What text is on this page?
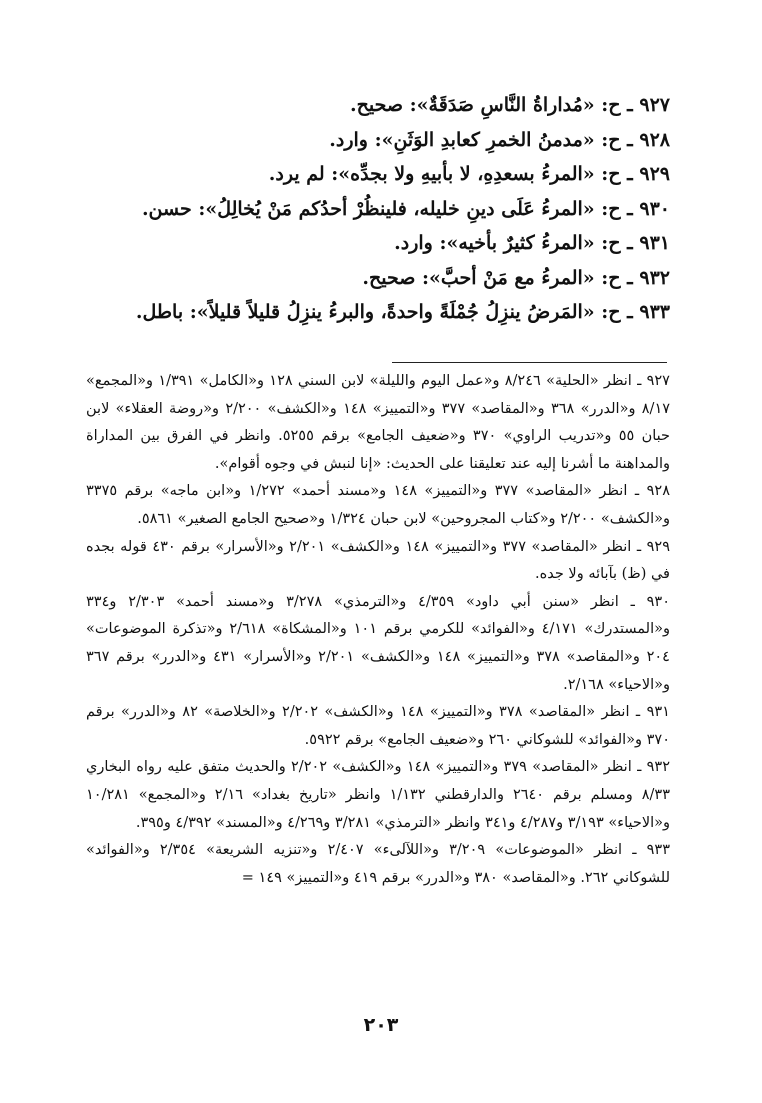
٩٢٧ ـ ح: «مُداراةُ النَّاسِ صَدَقَةٌ»: صحيح.
٩٢٨ ـ ح: «مدمنُ الخمرِ كعابدِ الوَثَنِ»: وارد.
٩٢٩ ـ ح: «المرءُ بسعدِهِ، لا بأبيهِ ولا بجدِّه»: لم يرد.
٩٣٠ ـ ح: «المرءُ عَلَى دينِ خليله، فلينظُرْ أحدُكم مَنْ يُخالِلُ»: حسن.
٩٣١ ـ ح: «المرءُ كثيرٌ بأخيه»: وارد.
٩٣٢ ـ ح: «المرءُ مع مَنْ أحبَّ»: صحيح.
٩٣٣ ـ ح: «المَرضُ ينزِلُ جُمْلَةً واحدةً، والبرءُ ينزِلُ قليلاً قليلاً»: باطل.
٩٢٧ ـ انظر «الحلية» ٨/٢٤٦ و«عمل اليوم والليلة» لابن السني ١٢٨ و«الكامل» ١/٣٩١ و«المجمع» ٨/١٧ و«الدرر» ٣٦٨ و«المقاصد» ٣٧٧ و«التمييز» ١٤٨ و«الكشف» ٢/٢٠٠ و«روضة العقلاء» لابن حبان ٥٥ و«تدريب الراوي» ٣٧٠ و«ضعيف الجامع» برقم ٥٢٥٥. وانظر في الفرق بين المداراة والمداهنة ما أشرنا إليه عند تعليقنا على الحديث: «إنا لنبش في وجوه أقوام».
٩٢٨ ـ انظر «المقاصد» ٣٧٧ و«التمييز» ١٤٨ و«مسند أحمد» ١/٢٧٢ و«ابن ماجه» برقم ٣٣٧٥ و«الكشف» ٢/٢٠٠ و«كتاب المجروحين» لابن حبان ١/٣٢٤ و«صحيح الجامع الصغير» ٥٨٦١.
٩٢٩ ـ انظر «المقاصد» ٣٧٧ و«التمييز» ١٤٨ و«الكشف» ٢/٢٠١ و«الأسرار» برقم ٤٣٠ قوله بجده في (ظ) بآبائه ولا جده.
٩٣٠ ـ انظر «سنن أبي داود» ٤/٣٥٩ و«الترمذي» ٣/٢٧٨ و«مسند أحمد» ٢/٣٠٣ و٣٣٤ و«المستدرك» ٤/١٧١ و«الفوائد» للكرمي برقم ١٠١ و«المشكاة» ٢/٦١٨ و«تذكرة الموضوعات» ٢٠٤ و«المقاصد» ٣٧٨ و«التمييز» ١٤٨ و«الكشف» ٢/٢٠١ و«الأسرار» ٤٣١ و«الدرر» برقم ٣٦٧ و«الاحياء» ٢/١٦٨.
٩٣١ ـ انظر «المقاصد» ٣٧٨ و«التمييز» ١٤٨ و«الكشف» ٢/٢٠٢ و«الخلاصة» ٨٢ و«الدرر» برقم ٣٧٠ و«الفوائد» للشوكاني ٢٦٠ و«ضعيف الجامع» برقم ٥٩٢٢.
٩٣٢ ـ انظر «المقاصد» ٣٧٩ و«التمييز» ١٤٨ و«الكشف» ٢/٢٠٢ والحديث متفق عليه رواه البخاري ٨/٣٣ ومسلم برقم ٢٦٤٠ والدارقطني ١/١٣٢ وانظر «تاريخ بغداد» ٢/١٦ و«المجمع» ١٠/٢٨١ و«الاحياء» ٣/١٩٣ و٤/٢٨٧ و٣٤١ وانظر «الترمذي» ٣/٢٨١ و٤/٢٦٩ و«المسند» ٤/٣٩٢ و٣٩٥.
٩٣٣ ـ انظر «الموضوعات» ٣/٢٠٩ و«اللآلىء» ٢/٤٠٧ و«تنزيه الشريعة» ٢/٣٥٤ و«الفوائد» للشوكاني ٢٦٢. و«المقاصد» ٣٨٠ و«الدرر» برقم ٤١٩ و«التمييز» ١٤٩ =
٢٠٣
